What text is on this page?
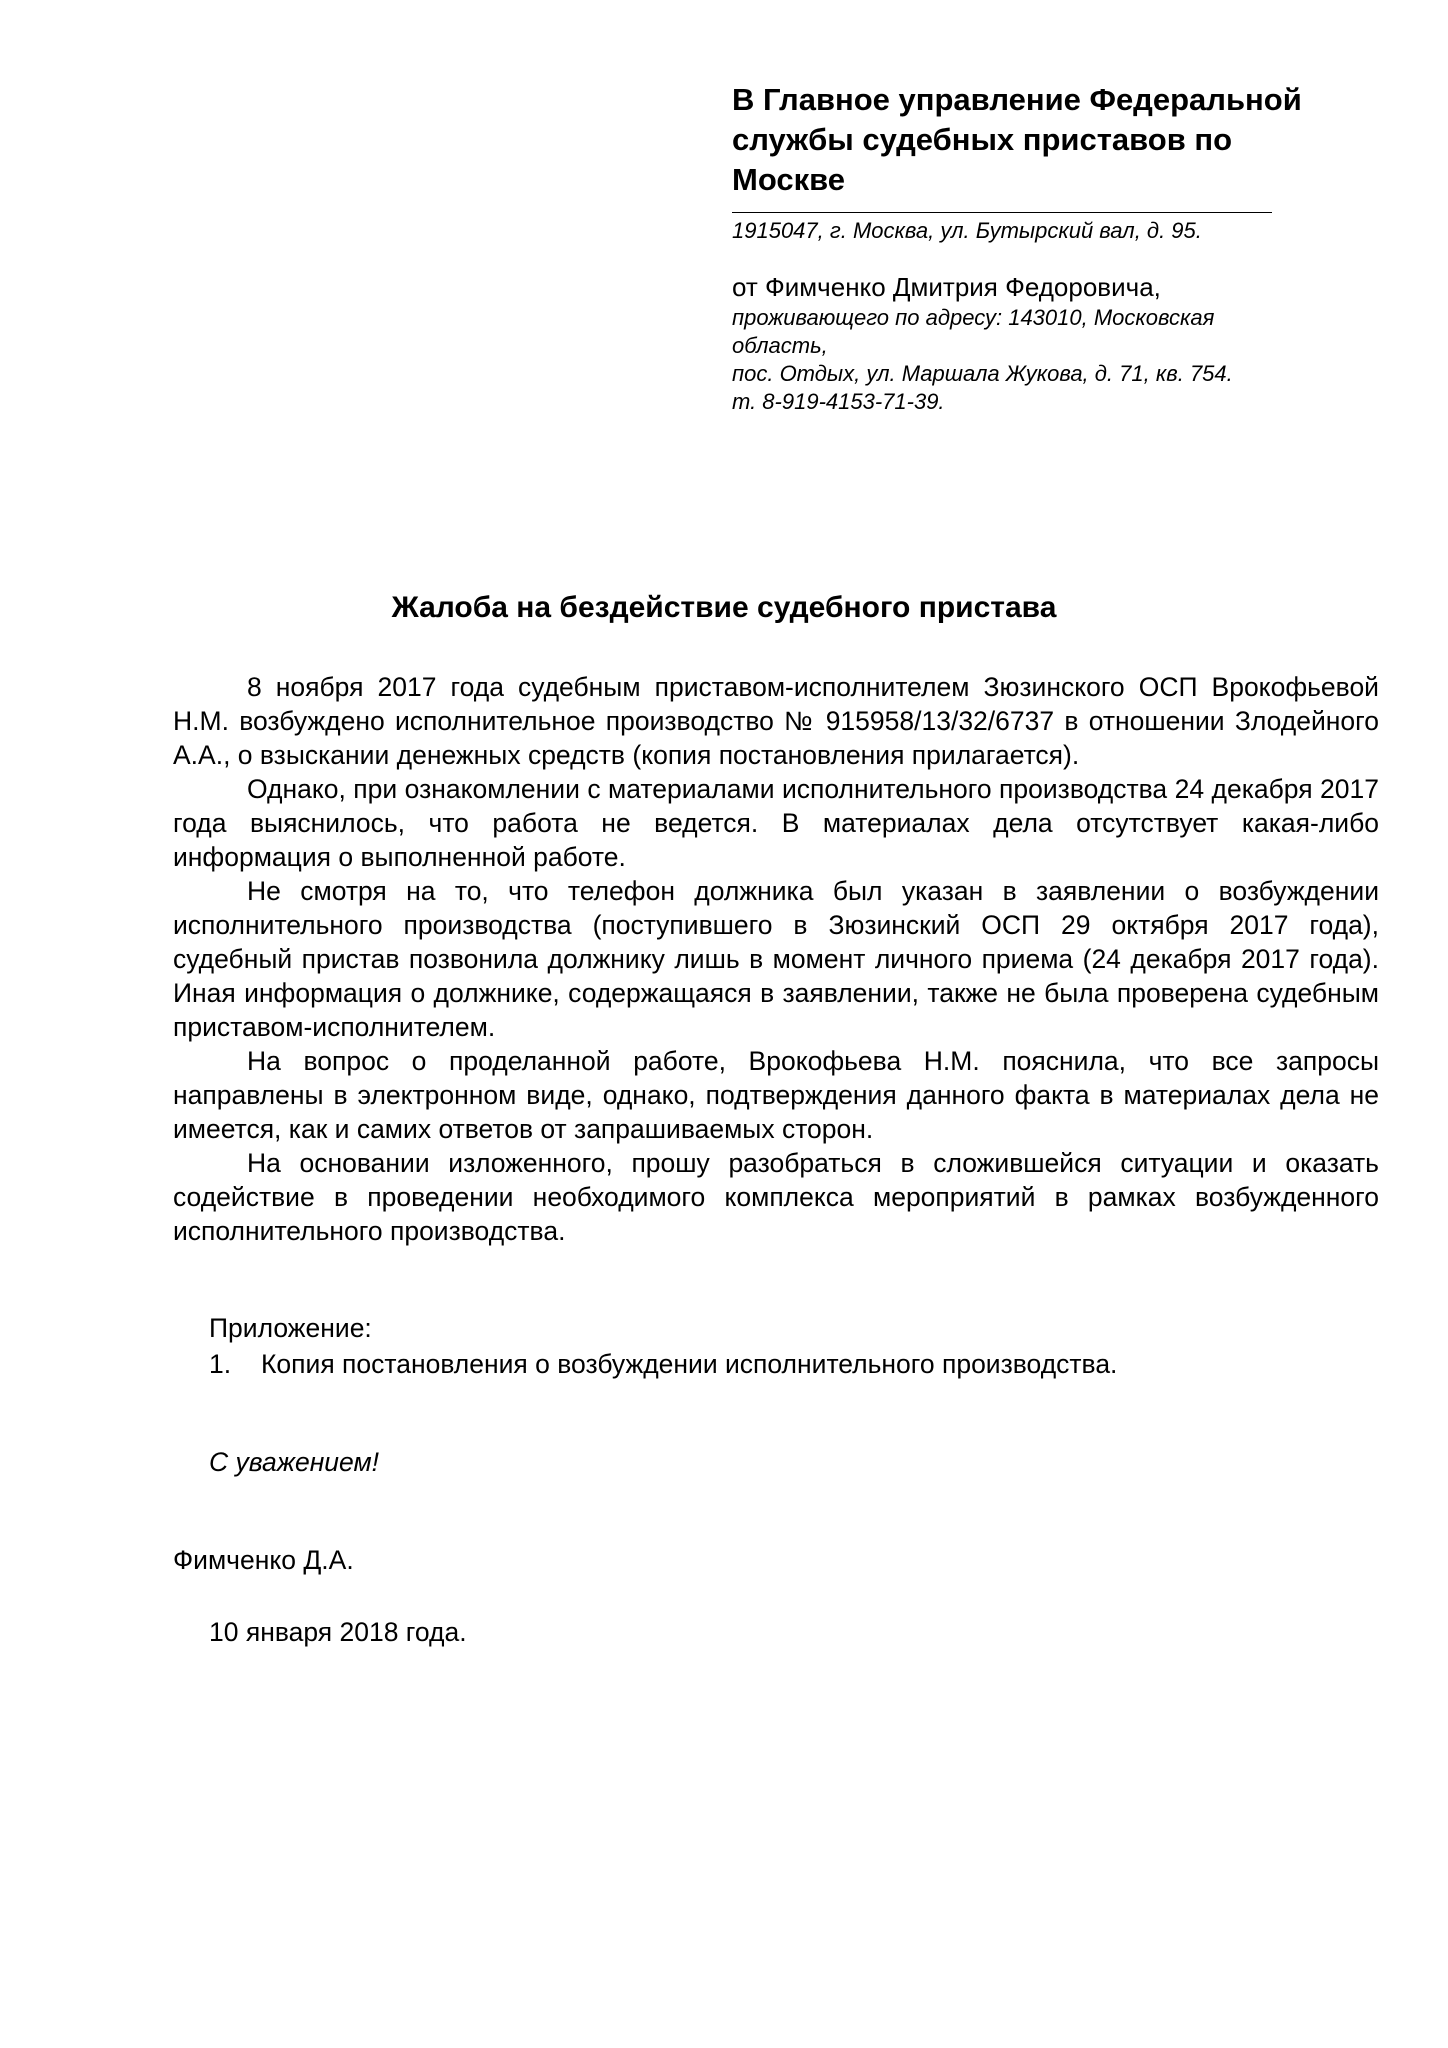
В Главное управление Федеральной
службы судебных приставов по
Москве
1915047, г. Москва, ул. Бутырский вал, д. 95.
от Фимченко Дмитрия Федоровича,
проживающего по адресу: 143010, Московская
область,
пос. Отдых, ул. Маршала Жукова, д. 71, кв. 754.
т. 8-919-4153-71-39.
Жалоба на бездействие судебного пристава

8 ноября 2017 года судебным приставом-исполнителем Зюзинского ОСП Врокофьевой Н.М. возбуждено исполнительное производство № 915958/13/32/6737 в отношении Злодейного А.А., о взыскании денежных средств (копия постановления прилагается).

Однако, при ознакомлении с материалами исполнительного производства 24 декабря 2017 года выяснилось, что работа не ведется. В материалах дела отсутствует какая-либо информация о выполненной работе.

Не смотря на то, что телефон должника был указан в заявлении о возбуждении исполнительного производства (поступившего в Зюзинский ОСП 29 октября 2017 года), судебный пристав позвонила должнику лишь в момент личного приема (24 декабря 2017 года). Иная информация о должнике, содержащаяся в заявлении, также не была проверена судебным приставом-исполнителем.

На вопрос о проделанной работе, Врокофьева Н.М. пояснила, что все запросы направлены в электронном виде, однако, подтверждения данного факта в материалах дела не имеется, как и самих ответов от запрашиваемых сторон.

На основании изложенного, прошу разобраться в сложившейся ситуации и оказать содействие в проведении необходимого комплекса мероприятий в рамках возбужденного исполнительного производства.

Приложение:
1.	Копия постановления о возбуждении исполнительного производства.
С уважением!
Фимченко Д.А.
10 января 2018 года.
